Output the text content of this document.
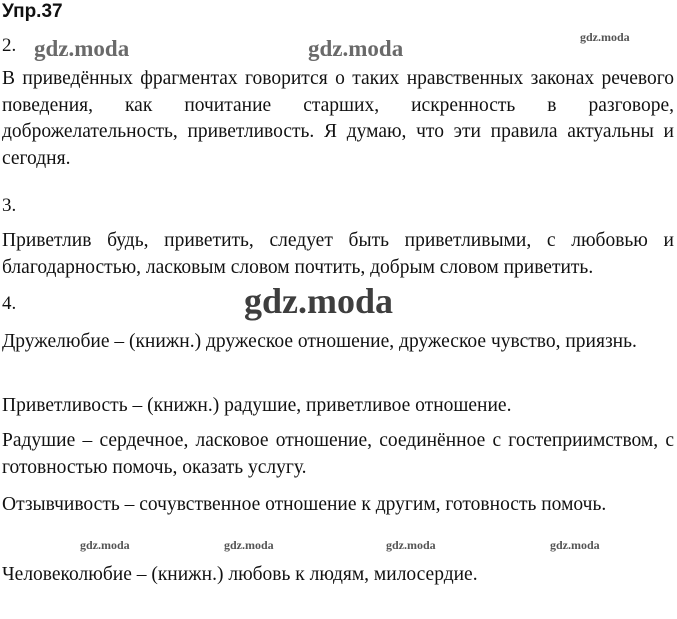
Упр.37
2.

В приведённых фрагментах говорится о таких нравственных законах речевого поведения, как почитание старших, искренность в разговоре, доброжелательность, приветливость. Я думаю, что эти правила актуальны и сегодня.

3.

Приветлив будь, приветить, следует быть приветливыми, с любовью и благодарностью, ласковым словом почтить, добрым словом приветить.

4.

Дружелюбие – (книжн.) дружеское отношение, дружеское чувство, приязнь.

Приветливость – (книжн.) радушие, приветливое отношение.

Радушие – сердечное, ласковое отношение, соединённое с гостеприимством, с готовностью помочь, оказать услугу.

Отзывчивость – сочувственное отношение к другим, готовность помочь.

Человеколюбие – (книжн.) любовь к людям, милосердие.

gdz.moda	gdz.moda	gdz.moda
gdz.moda
gdz.moda	gdz.moda	gdz.moda	gdz.moda
